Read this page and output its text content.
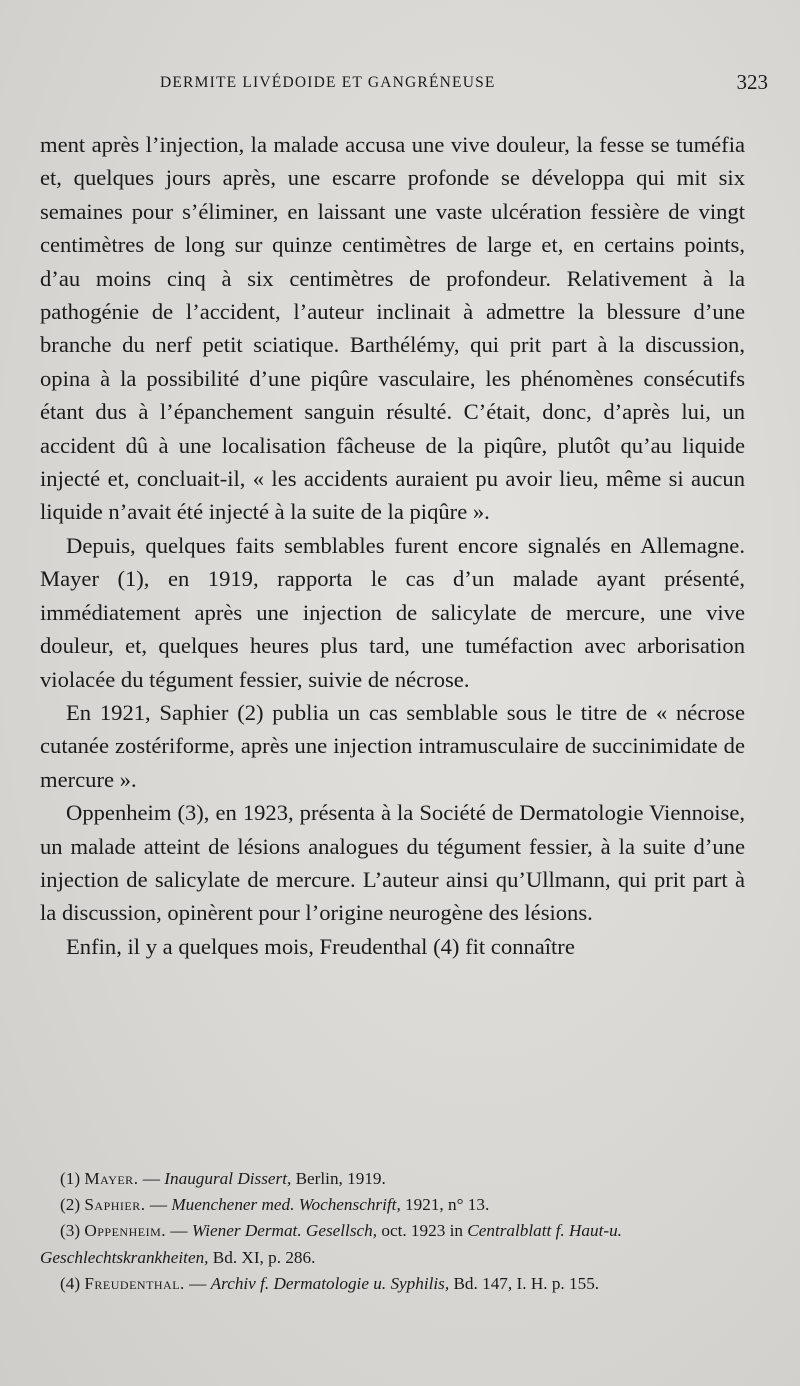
DERMITE LIVÉDOIDE ET GANGRÉNEUSE	323

ment après l’injection, la malade accusa une vive douleur, la fesse se tuméfia et, quelques jours après, une escarre profonde se développa qui mit six semaines pour s’éliminer, en laissant une vaste ulcération fessière de vingt centimètres de long sur quinze centimètres de large et, en certains points, d’au moins cinq à six centimètres de profondeur. Relativement à la pathogénie de l’accident, l’auteur inclinait à admettre la blessure d’une branche du nerf petit sciatique. Barthélémy, qui prit part à la discussion, opina à la possibilité d’une piqûre vasculaire, les phénomènes consécutifs étant dus à l’épanchement sanguin résulté. C’était, donc, d’après lui, un accident dû à une localisation fâcheuse de la piqûre, plutôt qu’au liquide injecté et, concluait-il, « les accidents auraient pu avoir lieu, même si aucun liquide n’avait été injecté à la suite de la piqûre ».

Depuis, quelques faits semblables furent encore signalés en Allemagne. Mayer (1), en 1919, rapporta le cas d’un malade ayant présenté, immédiatement après une injection de salicylate de mercure, une vive douleur, et, quelques heures plus tard, une tuméfaction avec arborisation violacée du tégument fessier, suivie de nécrose.

En 1921, Saphier (2) publia un cas semblable sous le titre de « nécrose cutanée zostériforme, après une injection intramusculaire de succinimidate de mercure ».

Oppenheim (3), en 1923, présenta à la Société de Dermatologie Viennoise, un malade atteint de lésions analogues du tégument fessier, à la suite d’une injection de salicylate de mercure. L’auteur ainsi qu’Ullmann, qui prit part à la discussion, opinèrent pour l’origine neurogène des lésions.

Enfin, il y a quelques mois, Freudenthal (4) fit connaître

(1) Mayer. — Inaugural Dissert, Berlin, 1919.

(2) Saphier. — Muenchener med. Wochenschrift, 1921, n° 13.

(3) Oppenheim. — Wiener Dermat. Gesellsch, oct. 1923 in Centralblatt f. Haut-u. Geschlechtskrankheiten, Bd. XI, p. 286.

(4) Freudenthal. — Archiv f. Dermatologie u. Syphilis, Bd. 147, I. H. p. 155.
